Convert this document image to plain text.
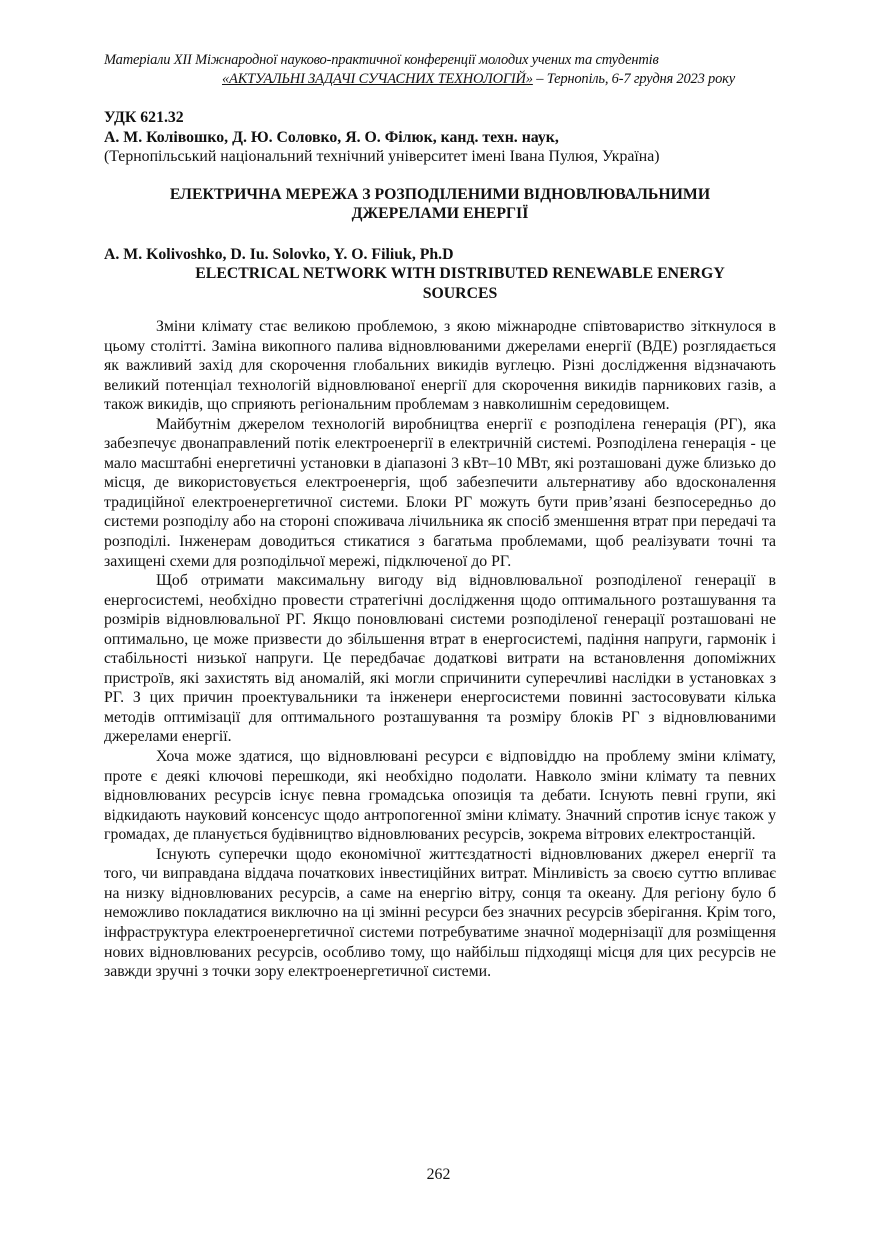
Матеріали XII Міжнародної науково-практичної конференції молодих учених та студентів
«АКТУАЛЬНІ ЗАДАЧІ СУЧАСНИХ ТЕХНОЛОГІЙ» – Тернопіль, 6-7 грудня 2023 року
УДК 621.32
А. М. Колівошко, Д. Ю. Соловко, Я. О. Філюк, канд. техн. наук,
(Тернопільський національний технічний університет імені Івана Пулюя, Україна)
ЕЛЕКТРИЧНА МЕРЕЖА З РОЗПОДІЛЕНИМИ ВІДНОВЛЮВАЛЬНИМИ ДЖЕРЕЛАМИ ЕНЕРГІЇ
A. M. Kolivoshko, D. Iu. Solovko, Y. O. Filiuk, Ph.D
ELECTRICAL NETWORK WITH DISTRIBUTED RENEWABLE ENERGY SOURCES

Зміни клімату стає великою проблемою, з якою міжнародне співтовариство зіткнулося в цьому столітті. Заміна викопного палива відновлюваними джерелами енергії (ВДЕ) розглядається як важливий захід для скорочення глобальних викидів вуглецю. Різні дослідження відзначають великий потенціал технологій відновлюваної енергії для скорочення викидів парникових газів, а також викидів, що сприяють регіональним проблемам з навколишнім середовищем.

Майбутнім джерелом технологій виробництва енергії є розподілена генерація (РГ), яка забезпечує двонаправлений потік електроенергії в електричній системі. Розподілена генерація - це мало масштабні енергетичні установки в діапазоні 3 кВт–10 МВт, які розташовані дуже близько до місця, де використовується електроенергія, щоб забезпечити альтернативу або вдосконалення традиційної електроенергетичної системи. Блоки РГ можуть бути прив’язані безпосередньо до системи розподілу або на стороні споживача лічильника як спосіб зменшення втрат при передачі та розподілі. Інженерам доводиться стикатися з багатьма проблемами, щоб реалізувати точні та захищені схеми для розподільчої мережі, підключеної до РГ.

Щоб отримати максимальну вигоду від відновлювальної розподіленої генерації в енергосистемі, необхідно провести стратегічні дослідження щодо оптимального розташування та розмірів відновлювальної РГ. Якщо поновлювані системи розподіленої генерації розташовані не оптимально, це може призвести до збільшення втрат в енергосистемі, падіння напруги, гармонік і стабільності низької напруги. Це передбачає додаткові витрати на встановлення допоміжних пристроїв, які захистять від аномалій, які могли спричинити суперечливі наслідки в установках з РГ. З цих причин проектувальники та інженери енергосистеми повинні застосовувати кілька методів оптимізації для оптимального розташування та розміру блоків РГ з відновлюваними джерелами енергії.

Хоча може здатися, що відновлювані ресурси є відповіддю на проблему зміни клімату, проте є деякі ключові перешкоди, які необхідно подолати. Навколо зміни клімату та певних відновлюваних ресурсів існує певна громадська опозиція та дебати. Існують певні групи, які відкидають науковий консенсус щодо антропогенної зміни клімату. Значний спротив існує також у громадах, де планується будівництво відновлюваних ресурсів, зокрема вітрових електростанцій.

Існують суперечки щодо економічної життєздатності відновлюваних джерел енергії та того, чи виправдана віддача початкових інвестиційних витрат. Мінливість за своєю суттю впливає на низку відновлюваних ресурсів, а саме на енергію вітру, сонця та океану. Для регіону було б неможливо покладатися виключно на ці змінні ресурси без значних ресурсів зберігання. Крім того, інфраструктура електроенергетичної системи потребуватиме значної модернізації для розміщення нових відновлюваних ресурсів, особливо тому, що найбільш підходящі місця для цих ресурсів не завжди зручні з точки зору електроенергетичної системи.

262
